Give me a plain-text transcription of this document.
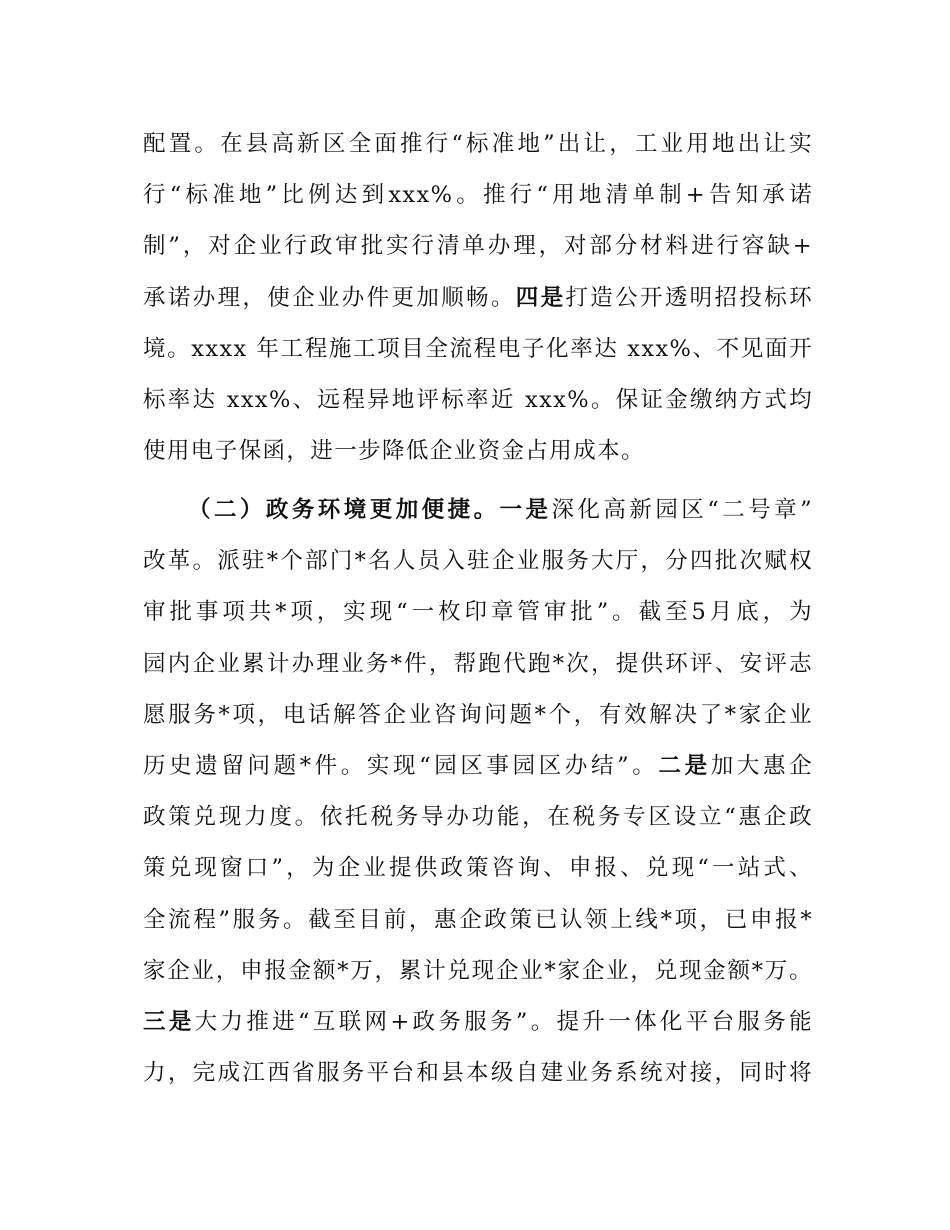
配置。在县高新区全面推行“标准地”出让，工业用地出让实
行“标准地”比例达到xxx%。推行“用地清单制+告知承诺
制”，对企业行政审批实行清单办理，对部分材料进行容缺+
承诺办理，使企业办件更加顺畅。四是打造公开透明招投标环
境。xxxx 年工程施工项目全流程电子化率达 xxx%、不见面开
标率达 xxx%、远程异地评标率近 xxx%。保证金缴纳方式均
使用电子保函，进一步降低企业资金占用成本。
（二）政务环境更加便捷。一是深化高新园区“二号章”
改革。派驻*个部门*名人员入驻企业服务大厅，分四批次赋权
审批事项共*项，实现“一枚印章管审批”。截至5月底，为
园内企业累计办理业务*件，帮跑代跑*次，提供环评、安评志
愿服务*项，电话解答企业咨询问题*个，有效解决了*家企业
历史遗留问题*件。实现“园区事园区办结”。二是加大惠企
政策兑现力度。依托税务导办功能，在税务专区设立“惠企政
策兑现窗口”，为企业提供政策咨询、申报、兑现“一站式、
全流程”服务。截至目前，惠企政策已认领上线*项，已申报*
家企业，申报金额*万，累计兑现企业*家企业，兑现金额*万。
三是大力推进“互联网+政务服务”。提升一体化平台服务能
力，完成江西省服务平台和县本级自建业务系统对接，同时将
